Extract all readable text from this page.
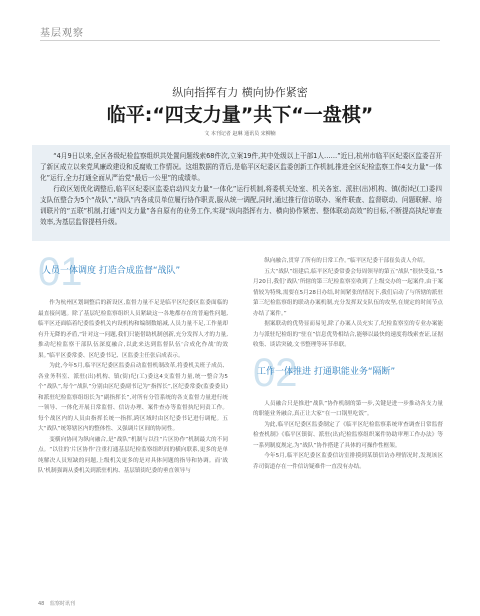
基层观察
纵向指挥有力 横向协作紧密
临平:“四支力量”共下“一盘棋”
文 本刊记者 赵琳 通讯员 宋柳楠

“4月9日以来,全区各级纪检监察组织共处置问题线索68件次,立案19件,其中处级以上干部1人……”近日,杭州市临平区纪委区监委召开了新区成立以来党风廉政建设和反腐败工作情况。这组数据的背后,是临平区纪委区监委创新工作机制,推进全区纪检监察工作4支力量“一体化”运行,全力打通全面从严治党“最后一公里”的成绩单。

行政区划优化调整后,临平区纪委区监委启动四支力量“一体化”运行机制,将委机关处室、机关各室、派驻(出)机构、镇(街)纪(工)委四支队伍整合为5个“战队”,“战队”内各成员单位履行协作职责,服从统一调配,同时,通过推行信访联办、案件联查、监督联动、问题联解、培训联片的“五联”机制,打通“四支力量”各自原有的业务工作,实现“纵向指挥有力、横向协作紧密、整体联动高效”的目标,不断提高执纪审查效率,为基层监督提档升级。

01
人员一体调度 打造合成监督“战队”

作为杭州区划调整后的新设区,监督力量不足是临平区纪委区监委面临的最直接问题。除了基层纪检监察组织人员紧缺这一各地都存在的普遍性问题,临平区还面临着纪委监委机关内设机构和编制数缩减,人员力量不足,工作量却有升无降的矛盾,“针对这一问题,我们只能借助机制创新,充分发挥人才的力量,推动纪检监察干部队伍深度融合,以此来达到监督队伍‘合成化作战’的效果。”临平区委常委、区纪委书记、区监委主任张启成表示。

为此,今年5月,临平区纪委区监委启动监督机制改革,将委机关班子成员、各业务科室、派驻(出)机构、镇(街)纪(工)委这4支监督力量,统一整合为5个“战队”,每个“战队”分别由区纪委副书记为“指挥长”,区纪委常委(监委委员)和派驻纪检监察组组长为“副指挥长”,对所有分管系统的各支监督力量进行统一领导、一体化开展日常监督、信访办理、案件查办等监督执纪问责工作。每个战区内的人员由指挥长统一指挥,跨区域时由区纪委书记进行调配。五大“战队”统筹辖区内的整体性、又强调片区间的协同性。

变横向协同为纵向融合,是“战队”机制与以往“片区协作”机制最大的不同点。“以往的‘片区协作’注重打通基层纪检监察组织间的横向联系,更多的是单纯解决人员短缺的问题,上级机关更多的是对具体问题的指导和协调。而‘战队’机制强调从委机关到派驻机构、基层镇街纪委的垂直领导与

纵向融合,贯穿了所有的日常工作。”临平区纪委干部崔负责人介绍。

五大“战队”组建后,临平区纪委常委会每周领导的第五“战队”很快受益,“5月20日,我们‘战队’所辖的第三纪检监察室收到了上级交办的一起案件,由于案情较为特殊,需要在5月28日办结,时间紧张的情况下,我们启动了与所辖的派驻第三纪检监察组的联动办案机制,充分发挥双支队伍的攻坚,在规定的时间节点办结了案件。”

据案联动的优势显而易见,除了办案人员充实了,纪检监察室的专业办案能力与派驻纪检组的“驻在”信息优势相结合,能够以最快的速度将线索查证,证据收集、谈话突破,文书整理等环节串联。

02
工作一体推进 打通职能业务“隔断”

人员融合只是推进“战队”协作机制的第一步,关键是进一步推动各支力量的职能业务融合,真正让大家“在一口锅里吃饭”。

为此,临平区纪委区监委制定了《临平区纪检监察系统审查调查日常监督检查机制》《临平区镇街、派驻(出)纪检监察组织案件协助审理工作办法》等一系列制度规定,为“战队”协作搭建了具体的可操作性框架。

今年5月,临平区纪委区监委信访室排摸到某镇信访办理情况时,发现该区乔司街道存在一件信访疑难件一直没有办结。

48 监察时讯刊
